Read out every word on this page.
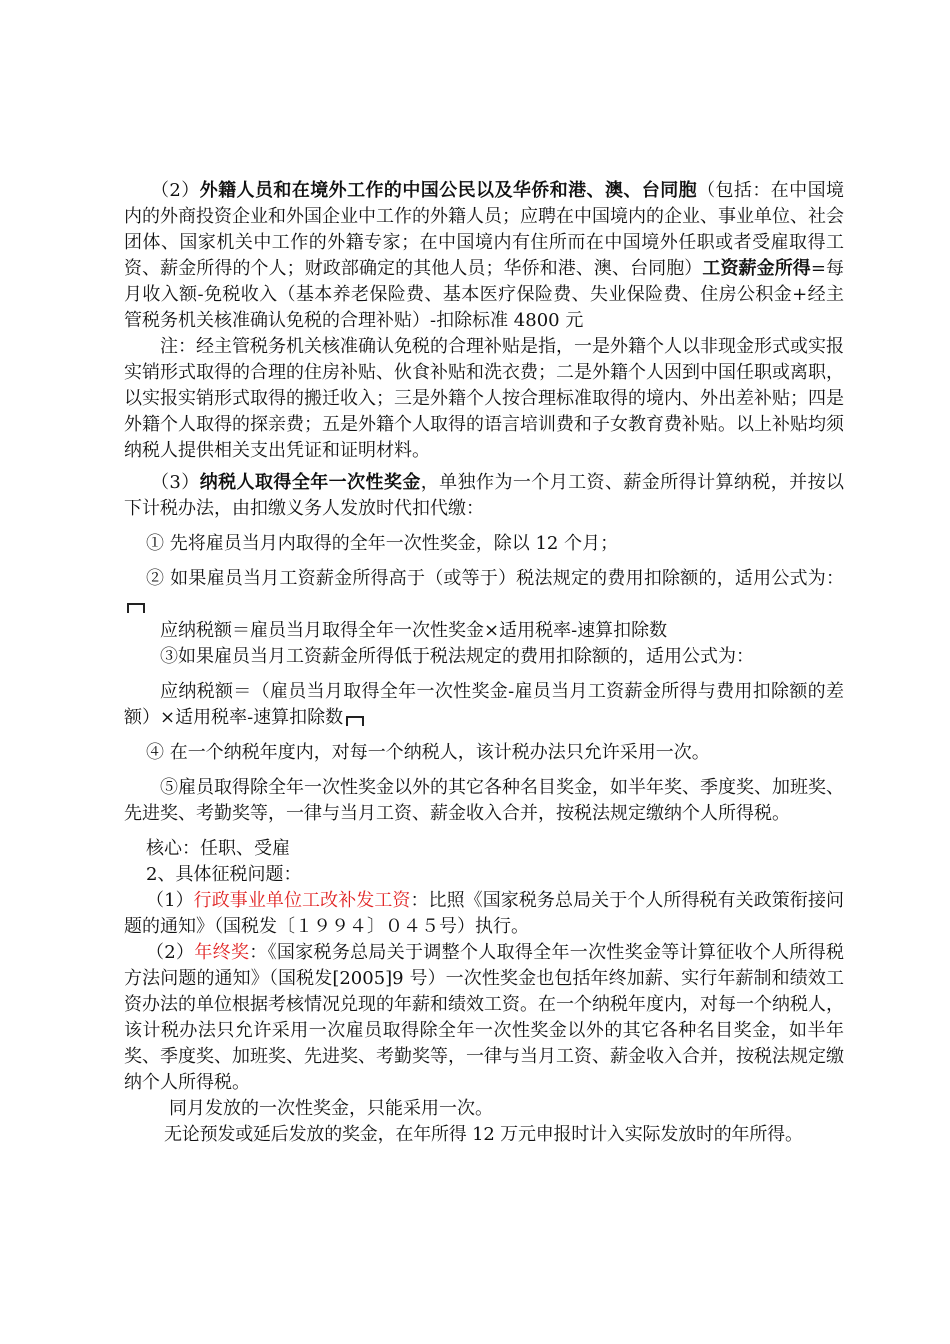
（2）外籍人员和在境外工作的中国公民以及华侨和港、澳、台同胞（包括：在中国境内的外商投资企业和外国企业中工作的外籍人员；应聘在中国境内的企业、事业单位、社会团体、国家机关中工作的外籍专家；在中国境内有住所而在中国境外任职或者受雇取得工资、薪金所得的个人；财政部确定的其他人员；华侨和港、澳、台同胞）工资薪金所得=每月收入额-免税收入（基本养老保险费、基本医疗保险费、失业保险费、住房公积金+经主管税务机关核准确认免税的合理补贴）-扣除标准 4800 元

注：经主管税务机关核准确认免税的合理补贴是指，一是外籍个人以非现金形式或实报实销形式取得的合理的住房补贴、伙食补贴和洗衣费；二是外籍个人因到中国任职或离职，以实报实销形式取得的搬迁收入；三是外籍个人按合理标准取得的境内、外出差补贴；四是外籍个人取得的探亲费；五是外籍个人取得的语言培训费和子女教育费补贴。以上补贴均须纳税人提供相关支出凭证和证明材料。

（3）纳税人取得全年一次性奖金，单独作为一个月工资、薪金所得计算纳税，并按以下计税办法，由扣缴义务人发放时代扣代缴：

① 先将雇员当月内取得的全年一次性奖金，除以 12 个月；

② 如果雇员当月工资薪金所得高于（或等于）税法规定的费用扣除额的，适用公式为：

应纳税额＝雇员当月取得全年一次性奖金×适用税率-速算扣除数

③如果雇员当月工资薪金所得低于税法规定的费用扣除额的，适用公式为：

应纳税额＝（雇员当月取得全年一次性奖金-雇员当月工资薪金所得与费用扣除额的差额）×适用税率-速算扣除数

④ 在一个纳税年度内，对每一个纳税人，该计税办法只允许采用一次。

⑤雇员取得除全年一次性奖金以外的其它各种名目奖金，如半年奖、季度奖、加班奖、先进奖、考勤奖等，一律与当月工资、薪金收入合并，按税法规定缴纳个人所得税。

核心：任职、受雇

2、具体征税问题：

（1）行政事业单位工改补发工资：比照《国家税务总局关于个人所得税有关政策衔接问题的通知》（国税发〔１９９４〕０４５号）执行。

（2）年终奖：《国家税务总局关于调整个人取得全年一次性奖金等计算征收个人所得税方法问题的通知》（国税发[2005]9 号）一次性奖金也包括年终加薪、实行年薪制和绩效工资办法的单位根据考核情况兑现的年薪和绩效工资。在一个纳税年度内，对每一个纳税人，该计税办法只允许采用一次雇员取得除全年一次性奖金以外的其它各种名目奖金，如半年奖、季度奖、加班奖、先进奖、考勤奖等，一律与当月工资、薪金收入合并，按税法规定缴纳个人所得税。

同月发放的一次性奖金，只能采用一次。

无论预发或延后发放的奖金，在年所得 12 万元申报时计入实际发放时的年所得。
